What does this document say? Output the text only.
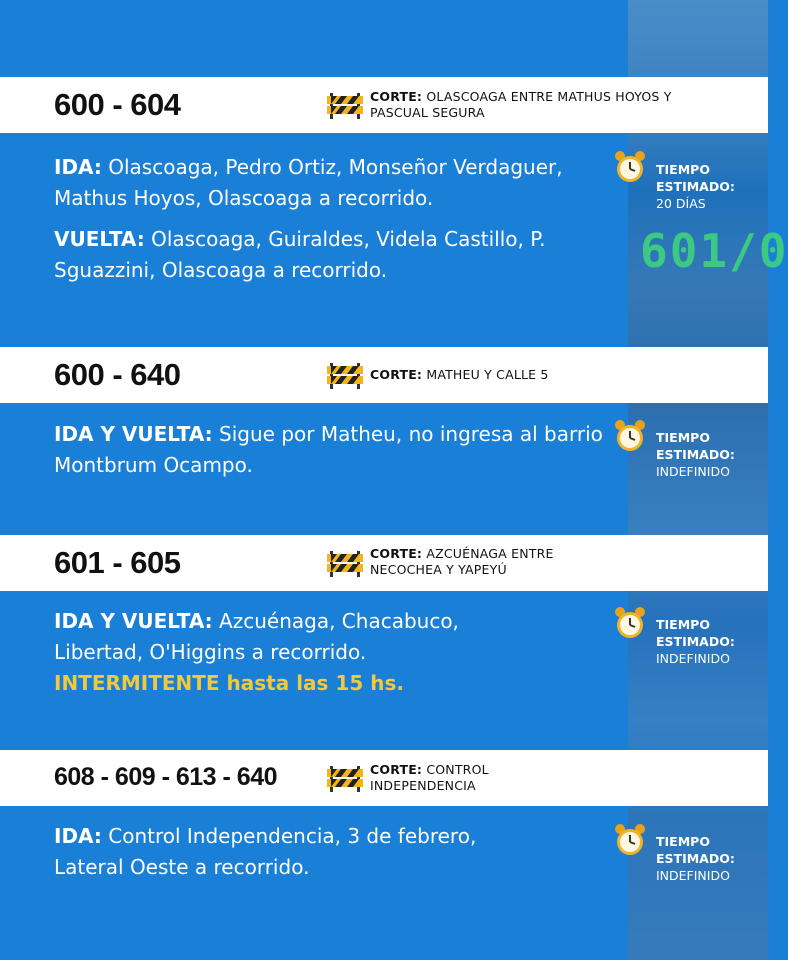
601/0
600 - 604	CORTE: OLASCOAGA ENTRE MATHUS HOYOS Y PASCUAL SEGURA
IDA: Olascoaga, Pedro Ortiz, Monseñor Verdaguer, Mathus Hoyos, Olascoaga a recorrido.
VUELTA: Olascoaga, Guiraldes, Videla Castillo, P. Sguazzini, Olascoaga a recorrido.
TIEMPO ESTIMADO:
20 DÍAS
600 - 640	CORTE: MATHEU Y CALLE 5
IDA Y VUELTA: Sigue por Matheu, no ingresa al barrio Montbrum Ocampo.
TIEMPO ESTIMADO:
INDEFINIDO
601 - 605	CORTE: AZCUÉNAGA ENTRE NECOCHEA Y YAPEYÚ
IDA Y VUELTA: Azcuénaga, Chacabuco, Libertad, O'Higgins a recorrido.
INTERMITENTE hasta las 15 hs.
TIEMPO ESTIMADO:
INDEFINIDO
608 - 609 - 613 - 640	CORTE: CONTROL INDEPENDENCIA
IDA: Control Independencia, 3 de febrero, Lateral Oeste a recorrido.
TIEMPO ESTIMADO:
INDEFINIDO
